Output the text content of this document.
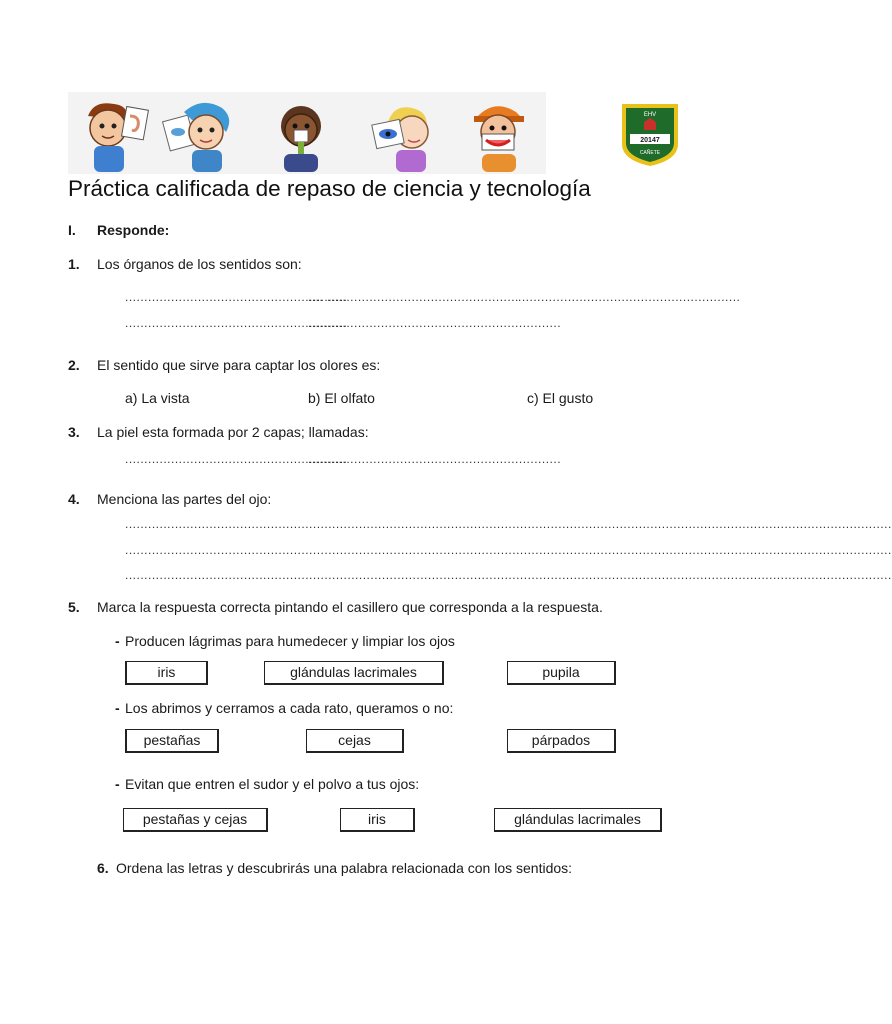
EHV
20147
CAÑETE
Práctica calificada de repaso de ciencia y tecnología
I. Responde:
1. Los órganos de los sentidos son:
..........................................................
.... .................................................. ..........................................................
..........................................................
..................................................................
2. El sentido que sirve para captar los olores es:
a) La vista	b) El olfato	c) El gusto
3. La piel esta formada por 2 capas; llamadas:
..........................................................
..................................................................
4. Menciona las partes del ojo:
........................................................................................................................................................................................................
........................................................................................................................................................................................................
........................................................................................................................................................................................................
5. Marca la respuesta correcta pintando el casillero que corresponda a la respuesta.
- Producen lágrimas para humedecer y limpiar los ojos
iris	glándulas lacrimales	pupila
- Los abrimos y cerramos a cada rato, queramos o no:
pestañas	cejas	párpados
- Evitan que entren el sudor y el polvo a tus ojos:
pestañas y cejas	iris	glándulas lacrimales
6. Ordena las letras y descubrirás una palabra relacionada con los sentidos:
